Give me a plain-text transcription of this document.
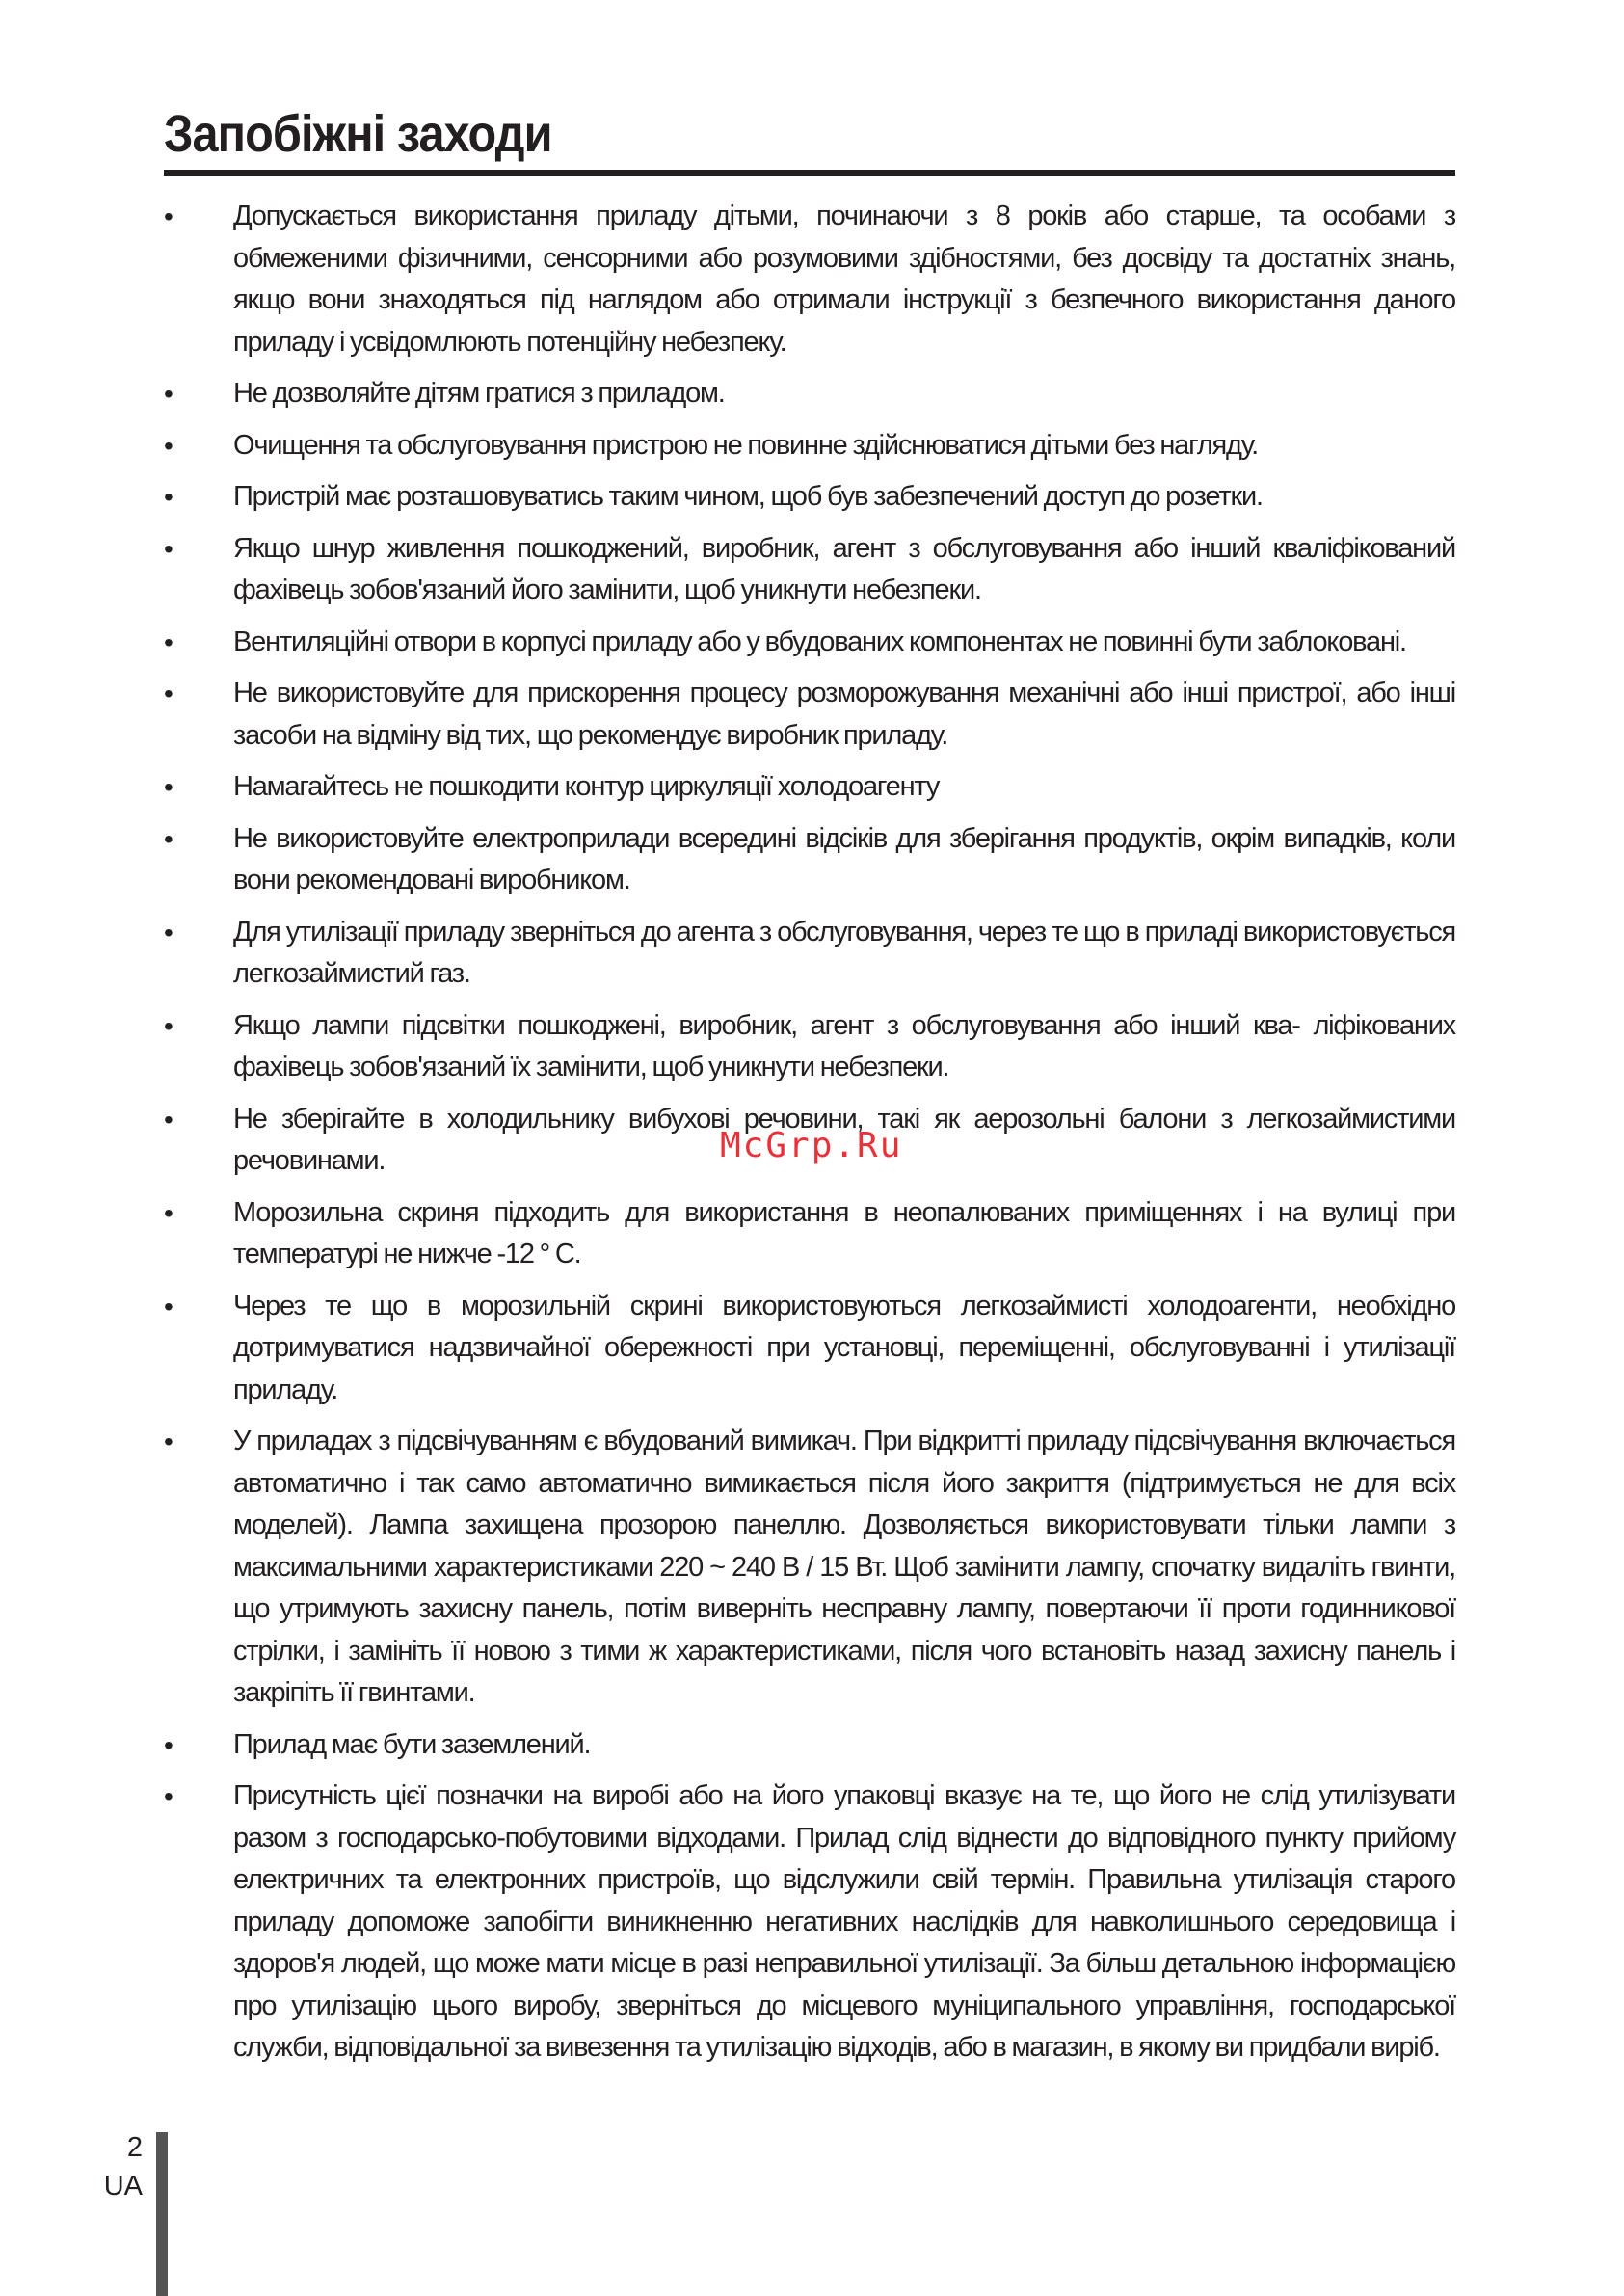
Запобіжні заходи
•	Допускається використання приладу дітьми, починаючи з 8 років або старше, та особами з обмеженими фізичними, сенсорними або розумовими здібностями, без досвіду та достатніх знань, якщо вони знаходяться під наглядом або отримали інструкції з безпечного використання даного приладу і усвідомлюють потенційну небезпеку.
•	Не дозволяйте дітям гратися з приладом.
•	Очищення та обслуговування пристрою не повинне здійснюватися дітьми без нагляду.
•	Пристрій має розташовуватись таким чином, щоб був забезпечений доступ до розетки.
•	Якщо шнур живлення пошкоджений, виробник, агент з обслуговування або інший кваліфікований фахівець зобов'язаний його замінити, щоб уникнути небезпеки.
•	Вентиляційні отвори в корпусі приладу або у вбудованих компонентах не повинні бути заблоковані.
•	Не використовуйте для прискорення процесу розморожування механічні або інші пристрої, або інші засоби на відміну від тих, що рекомендує виробник приладу.
•	Намагайтесь не пошкодити контур циркуляції холодоагенту
•	Не використовуйте електроприлади всередині відсіків для зберігання продуктів, окрім випадків, коли вони рекомендовані виробником.
•	Для утилізації приладу зверніться до агента з обслуговування, через те що в приладі використовується легкозаймистий газ.
•	Якщо лампи підсвітки пошкоджені, виробник, агент з обслуговування або інший ква- ліфікованих фахівець зобов'язаний їх замінити, щоб уникнути небезпеки.
•	Не зберігайте в холодильнику вибухові речовини, такі як аерозольні балони з легкозаймистими речовинами.
•	Морозильна скриня підходить для використання в неопалюваних приміщеннях і на вулиці при температурі не нижче -12 ° С.
•	Через те що в морозильній скрині використовуються легкозаймисті холодоагенти, необхідно дотримуватися надзвичайної обережності при установці, переміщенні, обслуговуванні і утилізації приладу.
•	У приладах з підсвічуванням є вбудований вимикач. При відкритті приладу підсвічування включається автоматично і так само автоматично вимикається після його закриття (підтримується не для всіх моделей). Лампа захищена прозорою панеллю. Дозволяється використовувати тільки лампи з максимальними характеристиками 220 ~ 240 В / 15 Вт. Щоб замінити лампу, спочатку видаліть гвинти, що утримують захисну панель, потім виверніть несправну лампу, повертаючи її проти годинникової стрілки, і замініть її новою з тими ж характеристиками, після чого встановіть назад захисну панель і закріпіть її гвинтами.
•	Прилад має бути заземлений.
•	Присутність цієї позначки на виробі або на його упаковці вказує на те, що його не слід утилізувати разом з господарсько-побутовими відходами. Прилад слід віднести до відповідного пункту прийому електричних та електронних пристроїв, що відслужили свій термін. Правильна утилізація старого приладу допоможе запобігти виникненню негативних наслідків для навколишнього середовища і здоров'я людей, що може мати місце в разі неправильної утилізації. За більш детальною інформацією про утилізацію цього виробу, зверніться до місцевого муніципального управління, господарської служби, відповідальної за вивезення та утилізацію відходів, або в магазин, в якому ви придбали виріб.
McGrp.Ru
2
UA
